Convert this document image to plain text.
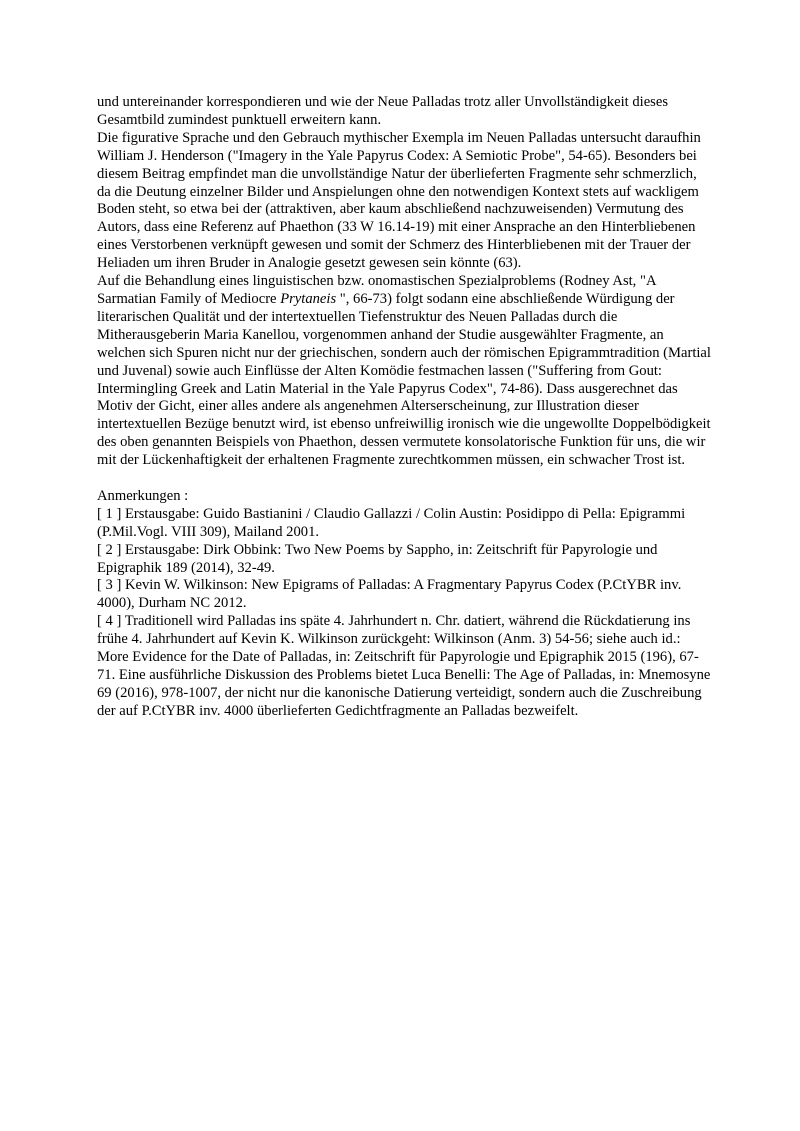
und untereinander korrespondieren und wie der Neue Palladas trotz aller Unvollständigkeit dieses Gesamtbild zumindest punktuell erweitern kann.

Die figurative Sprache und den Gebrauch mythischer Exempla im Neuen Palladas untersucht daraufhin William J. Henderson ("Imagery in the Yale Papyrus Codex: A Semiotic Probe", 54-65). Besonders bei diesem Beitrag empfindet man die unvollständige Natur der überlieferten Fragmente sehr schmerzlich, da die Deutung einzelner Bilder und Anspielungen ohne den notwendigen Kontext stets auf wackligem Boden steht, so etwa bei der (attraktiven, aber kaum abschließend nachzuweisenden) Vermutung des Autors, dass eine Referenz auf Phaethon (33 W 16.14-19) mit einer Ansprache an den Hinterbliebenen eines Verstorbenen verknüpft gewesen und somit der Schmerz des Hinterbliebenen mit der Trauer der Heliaden um ihren Bruder in Analogie gesetzt gewesen sein könnte (63).

Auf die Behandlung eines linguistischen bzw. onomastischen Spezialproblems (Rodney Ast, "A Sarmatian Family of Mediocre Prytaneis ", 66-73) folgt sodann eine abschließende Würdigung der literarischen Qualität und der intertextuellen Tiefenstruktur des Neuen Palladas durch die Mitherausgeberin Maria Kanellou, vorgenommen anhand der Studie ausgewählter Fragmente, an welchen sich Spuren nicht nur der griechischen, sondern auch der römischen Epigrammtradition (Martial und Juvenal) sowie auch Einflüsse der Alten Komödie festmachen lassen ("Suffering from Gout: Intermingling Greek and Latin Material in the Yale Papyrus Codex", 74-86). Dass ausgerechnet das Motiv der Gicht, einer alles andere als angenehmen Alterserscheinung, zur Illustration dieser intertextuellen Bezüge benutzt wird, ist ebenso unfreiwillig ironisch wie die ungewollte Doppelbödigkeit des oben genannten Beispiels von Phaethon, dessen vermutete konsolatorische Funktion für uns, die wir mit der Lückenhaftigkeit der erhaltenen Fragmente zurechtkommen müssen, ein schwacher Trost ist.

Anmerkungen :

[ 1 ] Erstausgabe: Guido Bastianini / Claudio Gallazzi / Colin Austin: Posidippo di Pella: Epigrammi (P.Mil.Vogl. VIII 309), Mailand 2001.

[ 2 ] Erstausgabe: Dirk Obbink: Two New Poems by Sappho, in: Zeitschrift für Papyrologie und Epigraphik 189 (2014), 32-49.

[ 3 ] Kevin W. Wilkinson: New Epigrams of Palladas: A Fragmentary Papyrus Codex (P.CtYBR inv. 4000), Durham NC 2012.

[ 4 ] Traditionell wird Palladas ins späte 4. Jahrhundert n. Chr. datiert, während die Rückdatierung ins frühe 4. Jahrhundert auf Kevin K. Wilkinson zurückgeht: Wilkinson (Anm. 3) 54-56; siehe auch id.: More Evidence for the Date of Palladas, in: Zeitschrift für Papyrologie und Epigraphik 2015 (196), 67-71. Eine ausführliche Diskussion des Problems bietet Luca Benelli: The Age of Palladas, in: Mnemosyne 69 (2016), 978-1007, der nicht nur die kanonische Datierung verteidigt, sondern auch die Zuschreibung der auf P.CtYBR inv. 4000 überlieferten Gedichtfragmente an Palladas bezweifelt.
